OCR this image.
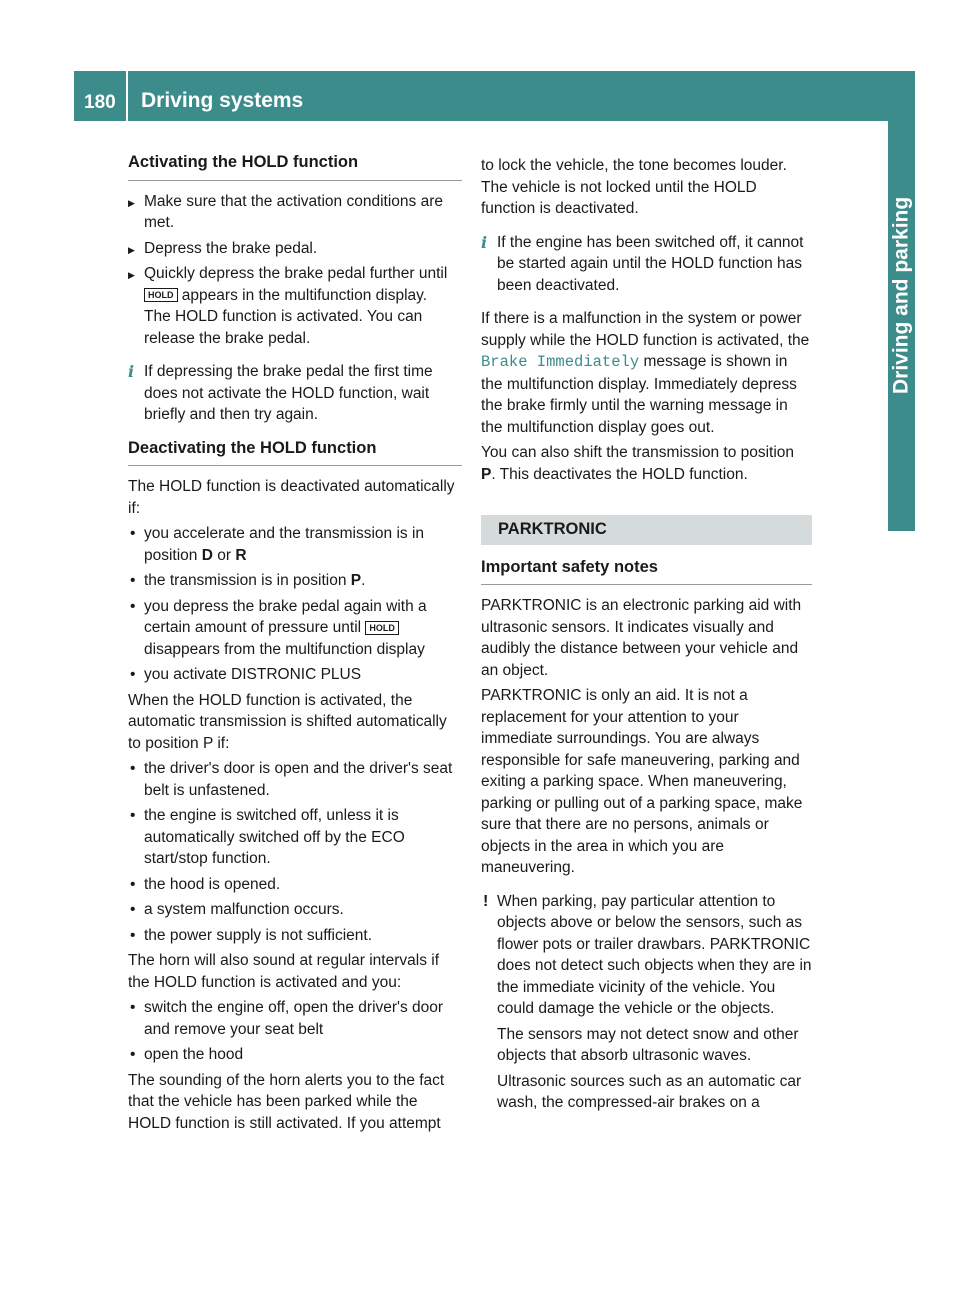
180 Driving systems
Driving and parking
Activating the HOLD function
▶ Make sure that the activation conditions are met.
▶ Depress the brake pedal.
▶ Quickly depress the brake pedal further until HOLD appears in the multifunction display.
The HOLD function is activated. You can release the brake pedal.
i If depressing the brake pedal the first time does not activate the HOLD function, wait briefly and then try again.
Deactivating the HOLD function

The HOLD function is deactivated automatically if:

• you accelerate and the transmission is in position D or R
• the transmission is in position P.
• you depress the brake pedal again with a certain amount of pressure until HOLD disappears from the multifunction display
• you activate DISTRONIC PLUS

When the HOLD function is activated, the automatic transmission is shifted automatically to position P if:

• the driver's door is open and the driver's seat belt is unfastened.
• the engine is switched off, unless it is automatically switched off by the ECO start/stop function.
• the hood is opened.
• a system malfunction occurs.
• the power supply is not sufficient.

The horn will also sound at regular intervals if the HOLD function is activated and you:

• switch the engine off, open the driver's door and remove your seat belt
• open the hood

The sounding of the horn alerts you to the fact that the vehicle has been parked while the HOLD function is still activated. If you attempt

to lock the vehicle, the tone becomes louder. The vehicle is not locked until the HOLD function is deactivated.

i If the engine has been switched off, it cannot be started again until the HOLD function has been deactivated.

If there is a malfunction in the system or power supply while the HOLD function is activated, the Brake Immediately message is shown in the multifunction display. Immediately depress the brake firmly until the warning message in the multifunction display goes out.

You can also shift the transmission to position P. This deactivates the HOLD function.

PARKTRONIC
Important safety notes

PARKTRONIC is an electronic parking aid with ultrasonic sensors. It indicates visually and audibly the distance between your vehicle and an object.

PARKTRONIC is only an aid. It is not a replacement for your attention to your immediate surroundings. You are always responsible for safe maneuvering, parking and exiting a parking space. When maneuvering, parking or pulling out of a parking space, make sure that there are no persons, animals or objects in the area in which you are maneuvering.

! When parking, pay particular attention to objects above or below the sensors, such as flower pots or trailer drawbars. PARKTRONIC does not detect such objects when they are in the immediate vicinity of the vehicle. You could damage the vehicle or the objects.

The sensors may not detect snow and other objects that absorb ultrasonic waves.

Ultrasonic sources such as an automatic car wash, the compressed-air brakes on a
